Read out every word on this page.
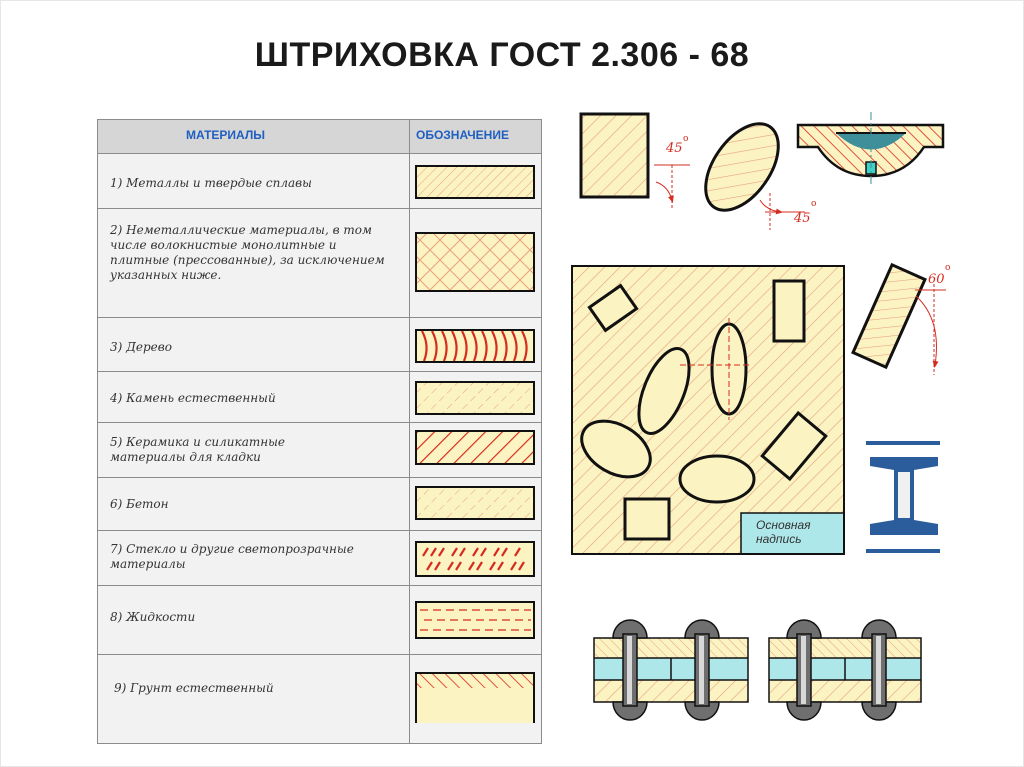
ШТРИХОВКА ГОСТ 2.306 - 68
МАТЕРИАЛЫ	ОБОЗНАЧЕНИЕ
1) Металлы и твердые сплавы
2) Неметаллические материалы, в том числе волокнистые монолитные и плитные (прессованные), за исключением указанных ниже.
3) Дерево
4) Камень естественный
5) Керамика и силикатные материалы для кладки
6) Бетон
7) Стекло и другие светопрозрачные материалы
8) Жидкости
9) Грунт естественный
45
o
45
o
Основная
надпись
60
o
